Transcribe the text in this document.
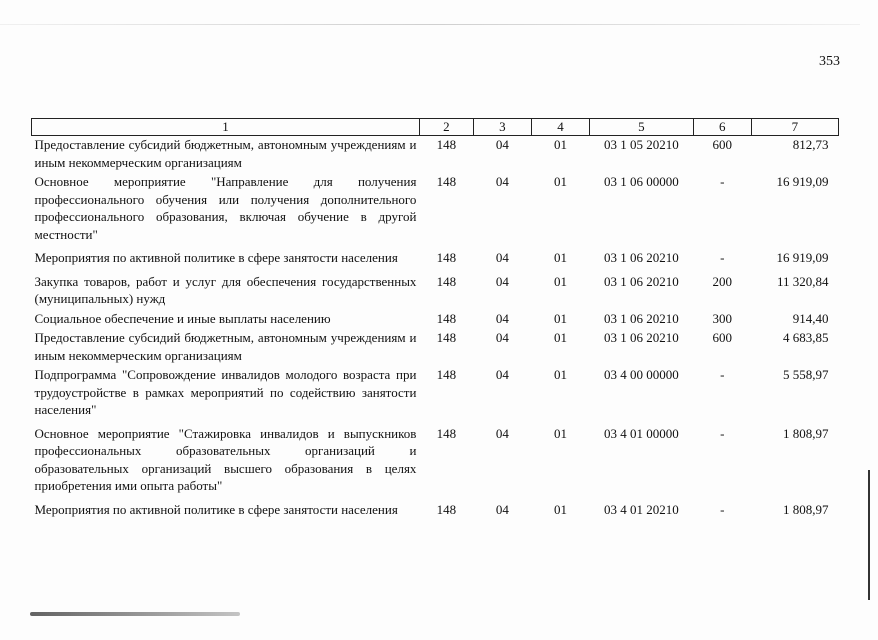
353
1	2	3	4	5	6	7
Предоставление субсидий бюджетным, автономным учреждениям и иным некоммерческим организациям	148	04	01	03 1 05 20210	600	812,73
Основное мероприятие "Направление для получения профессионального обучения или получения дополнительного профессионального образования, включая обучение в другой местности"	148	04	01	03 1 06 00000	-	16 919,09
Мероприятия по активной политике в сфере занятости населения	148	04	01	03 1 06 20210	-	16 919,09
Закупка товаров, работ и услуг для обеспечения государственных (муниципальных) нужд	148	04	01	03 1 06 20210	200	11 320,84
Социальное обеспечение и иные выплаты населению	148	04	01	03 1 06 20210	300	914,40
Предоставление субсидий бюджетным, автономным учреждениям и иным некоммерческим организациям	148	04	01	03 1 06 20210	600	4 683,85
Подпрограмма "Сопровождение инвалидов молодого возраста при трудоустройстве в рамках мероприятий по содействию занятости населения"	148	04	01	03 4 00 00000	-	5 558,97
Основное мероприятие "Стажировка инвалидов и выпускников профессиональных образовательных организаций и образовательных организаций высшего образования в целях приобретения ими опыта работы"	148	04	01	03 4 01 00000	-	1 808,97
Мероприятия по активной политике в сфере занятости населения	148	04	01	03 4 01 20210	-	1 808,97
